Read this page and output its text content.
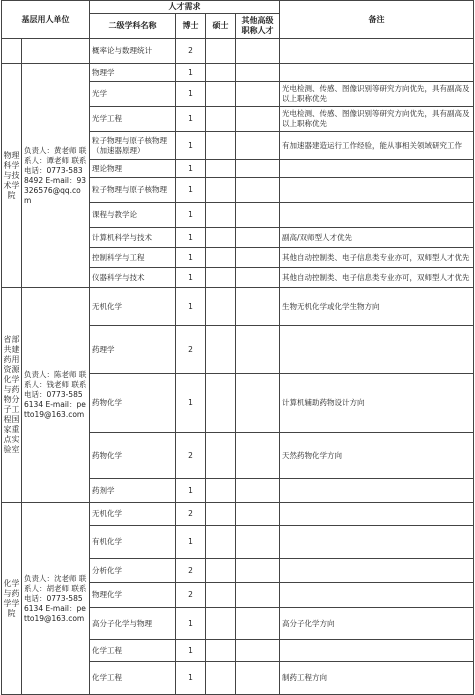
基层用人单位		人才需求				备注
		二级学科名称	博士	硕士	其他高级职称人才	
		概率论与数理统计	2			
物理科学与技术学院	负责人：黄老师 联系人：谭老师 联系电话：0773-5838492 E-mail：93326576@qq.com	物理学	1			
		光学	1			光电检测、传感、图像识别等研究方向优先，具有副高及以上职称优先
		光学工程	1			光电检测、传感、图像识别等研究方向优先，具有副高及以上职称优先
		粒子物理与原子核物理（加速器原理）	1			有加速器建造运行工作经验，能从事相关领域研究工作
		理论物理	1			
		粒子物理与原子核物理	1			
		课程与教学论	1			
		计算机科学与技术	1			副高/双师型人才优先
		控制科学与工程	1			其他自动控制类、电子信息类专业亦可，双师型人才优先
		仪器科学与技术	1			其他自动控制类、电子信息类专业亦可，双师型人才优先
省部共建药用资源化学与药物分子工程国家重点实验室	负责人：陈老师 联系人：钱老师 联系电话：0773-5856134 E-mail：petto19@163.com	无机化学	1			生物无机化学或化学生物方向
		药理学	2			
		药物化学	1			计算机辅助药物设计方向
		药物化学	2			天然药物化学方向
		药剂学	1			
化学与药学学院	负责人：沈老师 联系人：胡老师 联系电话：0773-5856134 E-mail：petto19@163.com	无机化学	2			
		有机化学	1			
		分析化学	2			
		物理化学	2			
		高分子化学与物理	1			高分子化学方向
		化学工程	1			
		化学工程	1			制药工程方向
